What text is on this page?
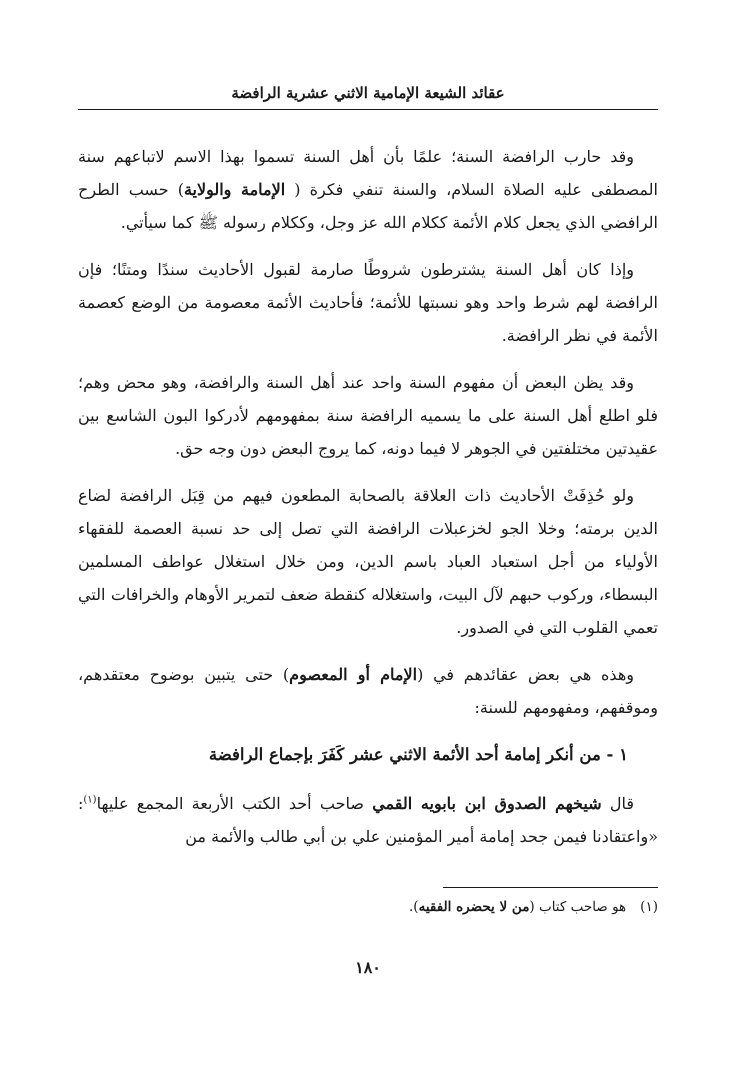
عقائد الشيعة الإمامية الاثني عشرية الرافضة

وقد حارب الرافضة السنة؛ علمًا بأن أهل السنة تسموا بهذا الاسم لاتباعهم سنة المصطفى عليه الصلاة السلام، والسنة تنفي فكرة ( الإمامة والولاية) حسب الطرح الرافضي الذي يجعل كلام الأئمة ككلام الله عز وجل، وككلام رسوله ﷺ كما سيأتي.

وإذا كان أهل السنة يشترطون شروطًا صارمة لقبول الأحاديث سندًا ومتنًا؛ فإن الرافضة لهم شرط واحد وهو نسبتها للأئمة؛ فأحاديث الأئمة معصومة من الوضع كعصمة الأئمة في نظر الرافضة.

وقد يظن البعض أن مفهوم السنة واحد عند أهل السنة والرافضة، وهو محض وهم؛ فلو اطلع أهل السنة على ما يسميه الرافضة سنة بمفهومهم لأدركوا البون الشاسع بين عقيدتين مختلفتين في الجوهر لا فيما دونه، كما يروج البعض دون وجه حق.

ولو حُذِفَتْ الأحاديث ذات العلاقة بالصحابة المطعون فيهم من قِبَل الرافضة لضاع الدين برمته؛ وخلا الجو لخزعبلات الرافضة التي تصل إلى حد نسبة العصمة للفقهاء الأولياء من أجل استعباد العباد باسم الدين، ومن خلال استغلال عواطف المسلمين البسطاء، وركوب حبهم لآل البيت، واستغلاله كنقطة ضعف لتمرير الأوهام والخرافات التي تعمي القلوب التي في الصدور.

وهذه هي بعض عقائدهم في (الإمام أو المعصوم) حتى يتبين بوضوح معتقدهم، وموقفهم، ومفهومهم للسنة:

١ - من أنكر إمامة أحد الأئمة الاثني عشر كَفَرَ بإجماع الرافضة

قال شيخهم الصدوق ابن بابويه القمي صاحب أحد الكتب الأربعة المجمع عليها$^{(١)}$: «واعتقادنا فيمن جحد إمامة أمير المؤمنين علي بن أبي طالب والأئمة من

(١)هو صاحب كتاب (من لا يحضره الفقيه).
١٨٠
